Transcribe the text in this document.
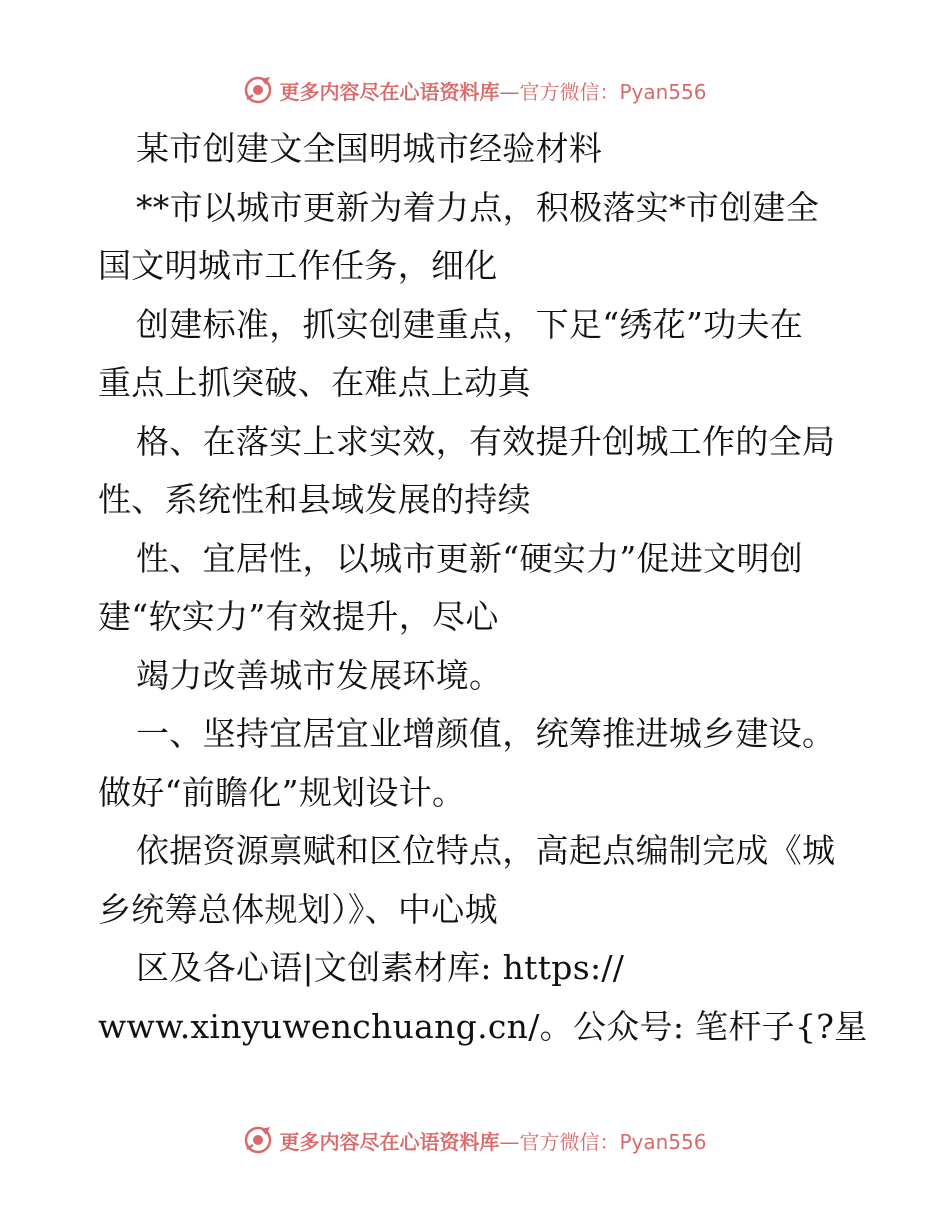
更多内容尽在心语资料库 —官方微信：Pyan556
某市创建文全国明城市经验材料
**市以城市更新为着力点，积极落实*市创建全
国文明城市工作任务，细化
创建标准，抓实创建重点，下足“绣花”功夫在
重点上抓突破、在难点上动真
格、在落实上求实效，有效提升创城工作的全局
性、系统性和县域发展的持续
性、宜居性，以城市更新“硬实力”促进文明创
建“软实力”有效提升，尽心
竭力改善城市发展环境。
一、坚持宜居宜业增颜值，统筹推进城乡建设。
做好“前瞻化”规划设计。
依据资源禀赋和区位特点，高起点编制完成《城
乡统筹总体规划）》、中心城
区及各心语|文创素材库: https://
www.xinyuwenchuang.cn/。公众号: 笔杆子{?星
更多内容尽在心语资料库 —官方微信：Pyan556
